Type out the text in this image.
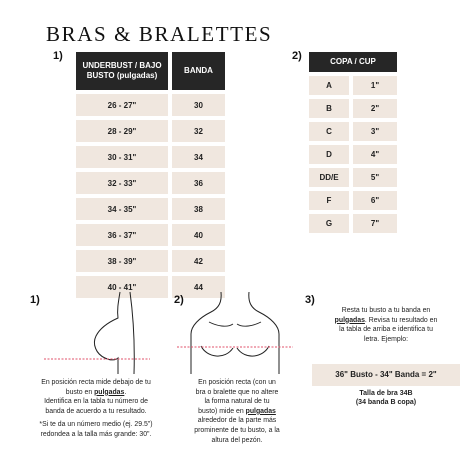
BRAS & BRALETTES
1)
UNDERBUST / BAJO BUSTO (pulgadas)		BANDA
26 - 27"		30
28 - 29"		32
30 - 31"		34
32 - 33"		36
34 - 35"		38
36 - 37"		40
38 - 39"		42
40 - 41"		44
2)	COPA / CUP		
A		1"
B		2"
C		3"
D		4"
DD/E		5"
F		6"
G		7"
1)
En posición recta mide debajo de tu
busto en pulgadas.
Identifica en la tabla tu número de
banda de acuerdo a tu resultado.
*Si te da un número medio (ej. 29.5")
redondea a la talla más grande: 30".
2)
En posición recta (con un
bra o bralette que no altere
la forma natural de tu
busto) mide en pulgadas
alrededor de la parte más
prominente de tu busto, a la
altura del pezón.
3)
Resta tu busto a tu banda en
pulgadas. Revisa tu resultado en
la tabla de arriba e identifica tu
letra. Ejemplo:
36" Busto - 34" Banda = 2"
Talla de bra 34B
(34 banda B copa)
